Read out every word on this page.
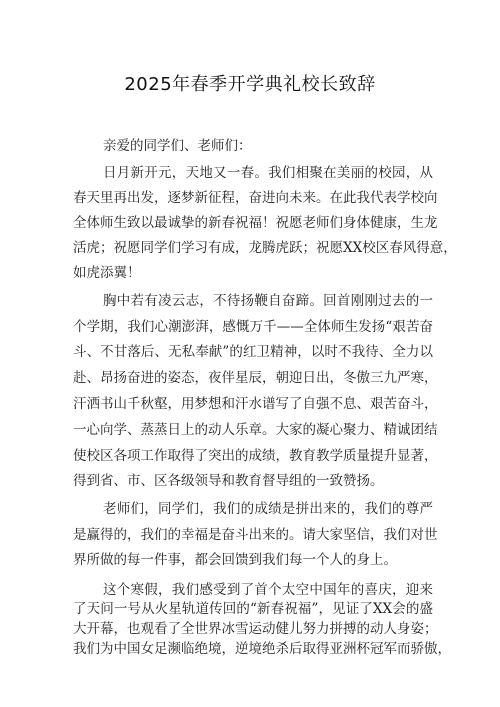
2025年春季开学典礼校长致辞
亲爱的同学们、老师们：
日月新开元，天地又一春。我们相聚在美丽的校园，从
春天里再出发，逐梦新征程，奋进向未来。在此我代表学校向
全体师生致以最诚挚的新春祝福！祝愿老师们身体健康，生龙
活虎；祝愿同学们学习有成，龙腾虎跃；祝愿XX校区春风得意，
如虎添翼！
胸中若有凌云志，不待扬鞭自奋蹄。回首刚刚过去的一
个学期，我们心潮澎湃，感慨万千——全体师生发扬“艰苦奋
斗、不甘落后、无私奉献”的红卫精神，以时不我待、全力以
赴、昂扬奋进的姿态，夜伴星辰，朝迎日出，冬傲三九严寒，
汗洒书山千秋壑，用梦想和汗水谱写了自强不息、艰苦奋斗，
一心向学、蒸蒸日上的动人乐章。大家的凝心聚力、精诚团结
使校区各项工作取得了突出的成绩，教育教学质量提升显著，
得到省、市、区各级领导和教育督导组的一致赞扬。
老师们，同学们，我们的成绩是拼出来的，我们的尊严
是赢得的，我们的幸福是奋斗出来的。请大家坚信，我们对世
界所做的每一件事，都会回馈到我们每一个人的身上。
这个寒假，我们感受到了首个太空中国年的喜庆，迎来
了天问一号从火星轨道传回的“新春祝福”，见证了XX会的盛
大开幕，也观看了全世界冰雪运动健儿努力拼搏的动人身姿；
我们为中国女足濒临绝境，逆境绝杀后取得亚洲杯冠军而骄傲，
